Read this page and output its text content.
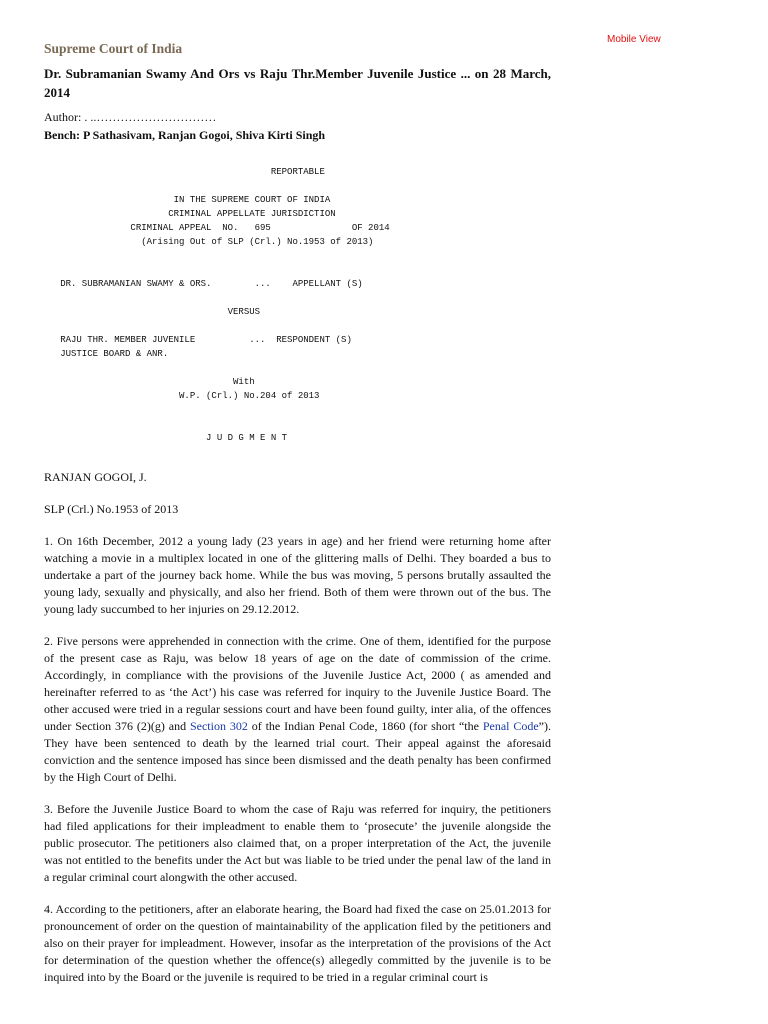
Mobile View
Supreme Court of India
Dr. Subramanian Swamy And Ors vs Raju Thr.Member Juvenile Justice ... on 28 March, 2014
Author: . ..…………………………
Bench: P Sathasivam, Ranjan Gogoi, Shiva Kirti Singh
REPORTABLE

IN THE SUPREME COURT OF INDIA
CRIMINAL APPELLATE JURISDICTION
CRIMINAL APPEAL  NO.   695               OF 2014
(Arising Out of SLP (Crl.) No.1953 of 2013)

DR. SUBRAMANIAN SWAMY & ORS.        ...    APPELLANT (S)

VERSUS

RAJU THR. MEMBER JUVENILE          ...  RESPONDENT (S)
JUSTICE BOARD & ANR.

With
W.P. (Crl.) No.204 of 2013

J U D G M E N T

RANJAN GOGOI, J.

SLP (Crl.) No.1953 of 2013

1. On 16th December, 2012 a young lady (23 years in age) and her friend were returning home after watching a movie in a multiplex located in one of the glittering malls of Delhi. They boarded a bus to undertake a part of the journey back home. While the bus was moving, 5 persons brutally assaulted the young lady, sexually and physically, and also her friend. Both of them were thrown out of the bus. The young lady succumbed to her injuries on 29.12.2012.

2. Five persons were apprehended in connection with the crime. One of them, identified for the purpose of the present case as Raju, was below 18 years of age on the date of commission of the crime. Accordingly, in compliance with the provisions of the Juvenile Justice Act, 2000 ( as amended and hereinafter referred to as ‘the Act’) his case was referred for inquiry to the Juvenile Justice Board. The other accused were tried in a regular sessions court and have been found guilty, inter alia, of the offences under Section 376 (2)(g) and Section 302 of the Indian Penal Code, 1860 (for short “the Penal Code”). They have been sentenced to death by the learned trial court. Their appeal against the aforesaid conviction and the sentence imposed has since been dismissed and the death penalty has been confirmed by the High Court of Delhi.

3. Before the Juvenile Justice Board to whom the case of Raju was referred for inquiry, the petitioners had filed applications for their impleadment to enable them to ‘prosecute’ the juvenile alongside the public prosecutor. The petitioners also claimed that, on a proper interpretation of the Act, the juvenile was not entitled to the benefits under the Act but was liable to be tried under the penal law of the land in a regular criminal court alongwith the other accused.

4. According to the petitioners, after an elaborate hearing, the Board had fixed the case on 25.01.2013 for pronouncement of order on the question of maintainability of the application filed by the petitioners and also on their prayer for impleadment. However, insofar as the interpretation of the provisions of the Act for determination of the question whether the offence(s) allegedly committed by the juvenile is to be inquired into by the Board or the juvenile is required to be tried in a regular criminal court is
